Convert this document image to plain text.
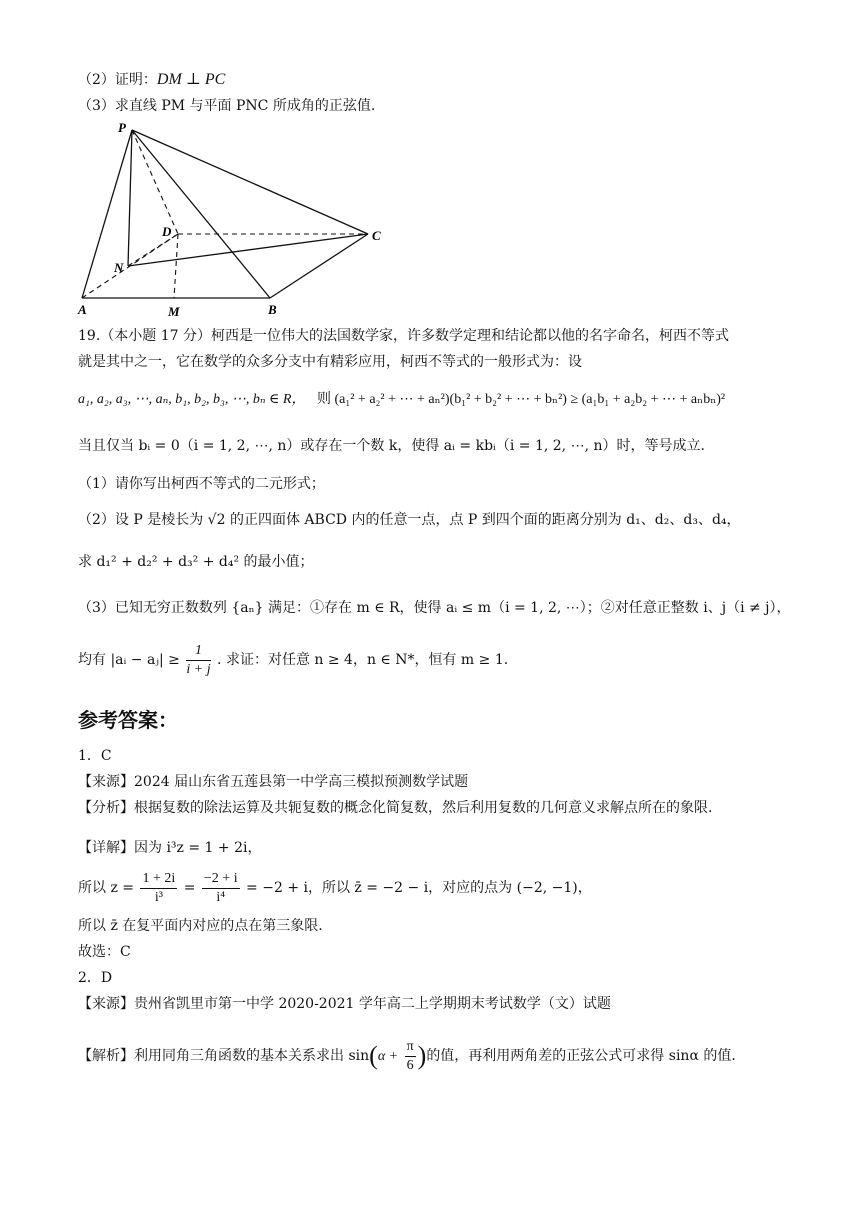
（2）证明：DM ⊥ PC
（3）求直线 PM 与平面 PNC 所成角的正弦值.
P
D	C
N
A	M	B
19.（本小题 17 分）柯西是一位伟大的法国数学家，许多数学定理和结论都以他的名字命名，柯西不等式
就是其中之一，它在数学的众多分支中有精彩应用，柯西不等式的一般形式为：设
a₁, a₂, a₃, ⋯, aₙ, b₁, b₂, b₃, ⋯, bₙ ∈ R， 则 (a₁² + a₂² + ⋯ + aₙ²)(b₁² + b₂² + ⋯ + bₙ²) ≥ (a₁b₁ + a₂b₂ + ⋯ + aₙbₙ)²
当且仅当 bᵢ = 0（i = 1, 2, ⋯, n）或存在一个数 k，使得 aᵢ = kbᵢ（i = 1, 2, ⋯, n）时，等号成立.
（1）请你写出柯西不等式的二元形式；
（2）设 P 是棱长为 √2 的正四面体 ABCD 内的任意一点，点 P 到四个面的距离分别为 d₁、d₂、d₃、d₄，
求 d₁² + d₂² + d₃² + d₄² 的最小值；
（3）已知无穷正数数列 {aₙ} 满足：①存在 m ∈ R，使得 aᵢ ≤ m（i = 1, 2, ⋯）；②对任意正整数 i、j（i ≠ j），
均有 |aᵢ − aⱼ| ≥ $\frac{1}{i + j}$ . 求证：对任意 n ≥ 4，n ∈ N*，恒有 m ≥ 1.
参考答案：
1．C
【来源】2024 届山东省五莲县第一中学高三模拟预测数学试题
【分析】根据复数的除法运算及共轭复数的概念化简复数，然后利用复数的几何意义求解点所在的象限.
【详解】因为 i³z = 1 + 2i，
所以 $z = \frac{1 + 2i}{\text{i³}} = \frac{-2 + i}{\text{i⁴}} = -2 + i$，所以 z̄ = −2 − i，对应的点为 (−2, −1)，
所以 z̄ 在复平面内对应的点在第三象限.
故选：C
2．D
【来源】贵州省凯里市第一中学 2020-2021 学年高二上学期期末考试数学（文）试题
【解析】利用同角三角函数的基本关系求出 $\sin(\alpha + \frac{\pi}{6}$ )的值，再利用两角差的正弦公式可求得 sinα 的值.
